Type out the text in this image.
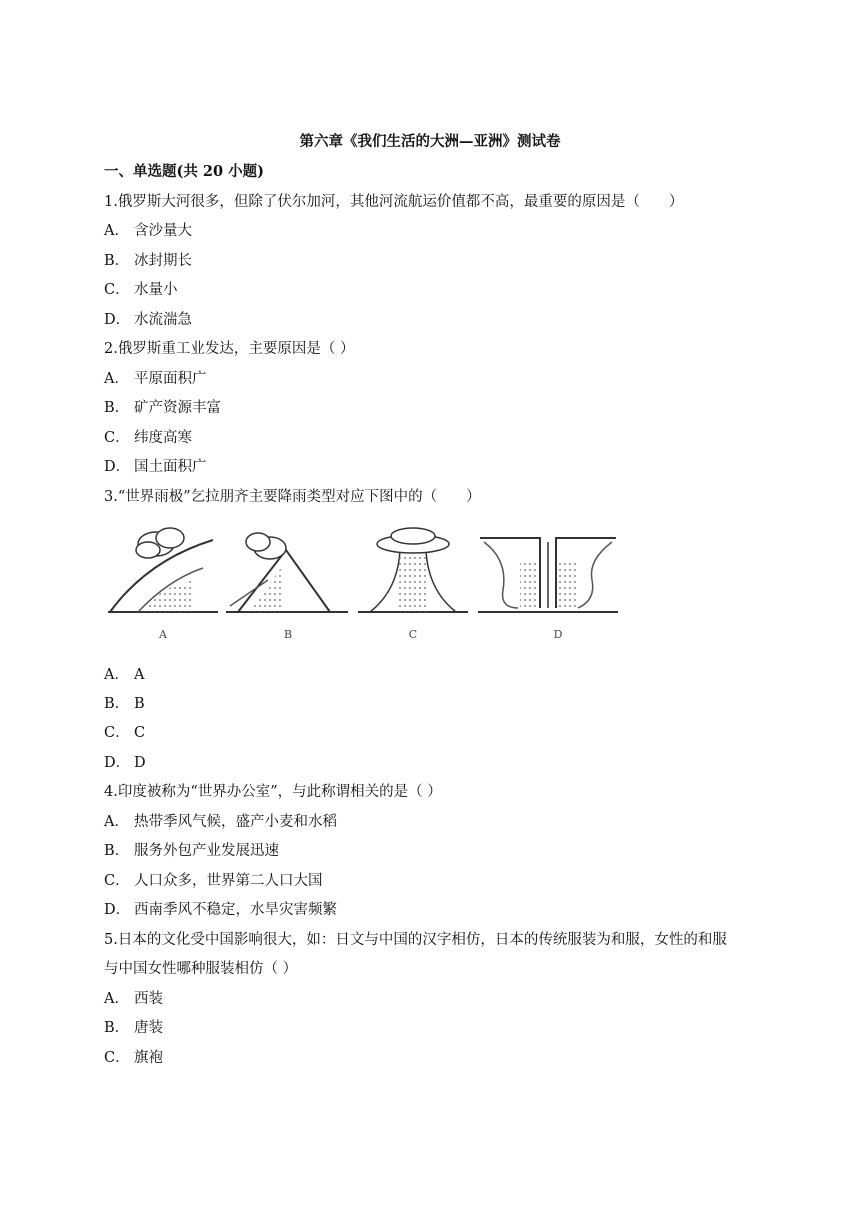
第六章《我们生活的大洲—亚洲》测试卷
一、单选题(共 20 小题)
1.俄罗斯大河很多，但除了伏尔加河，其他河流航运价值都不高，最重要的原因是（　　）
A． 含沙量大
B． 冰封期长
C． 水量小
D． 水流湍急
2.俄罗斯重工业发达，主要原因是（ ）
A． 平原面积广
B． 矿产资源丰富
C． 纬度高寒
D． 国土面积广
3.“世界雨极”乞拉朋齐主要降雨类型对应下图中的（　　）
A	B	C	D
A． A
B． B
C． C
D． D
4.印度被称为“世界办公室”，与此称谓相关的是（ ）
A． 热带季风气候，盛产小麦和水稻
B． 服务外包产业发展迅速
C． 人口众多，世界第二人口大国
D． 西南季风不稳定，水旱灾害频繁
5.日本的文化受中国影响很大，如：日文与中国的汉字相仿，日本的传统服装为和服，女性的和服
与中国女性哪种服装相仿（ ）
A． 西装
B． 唐装
C． 旗袍
